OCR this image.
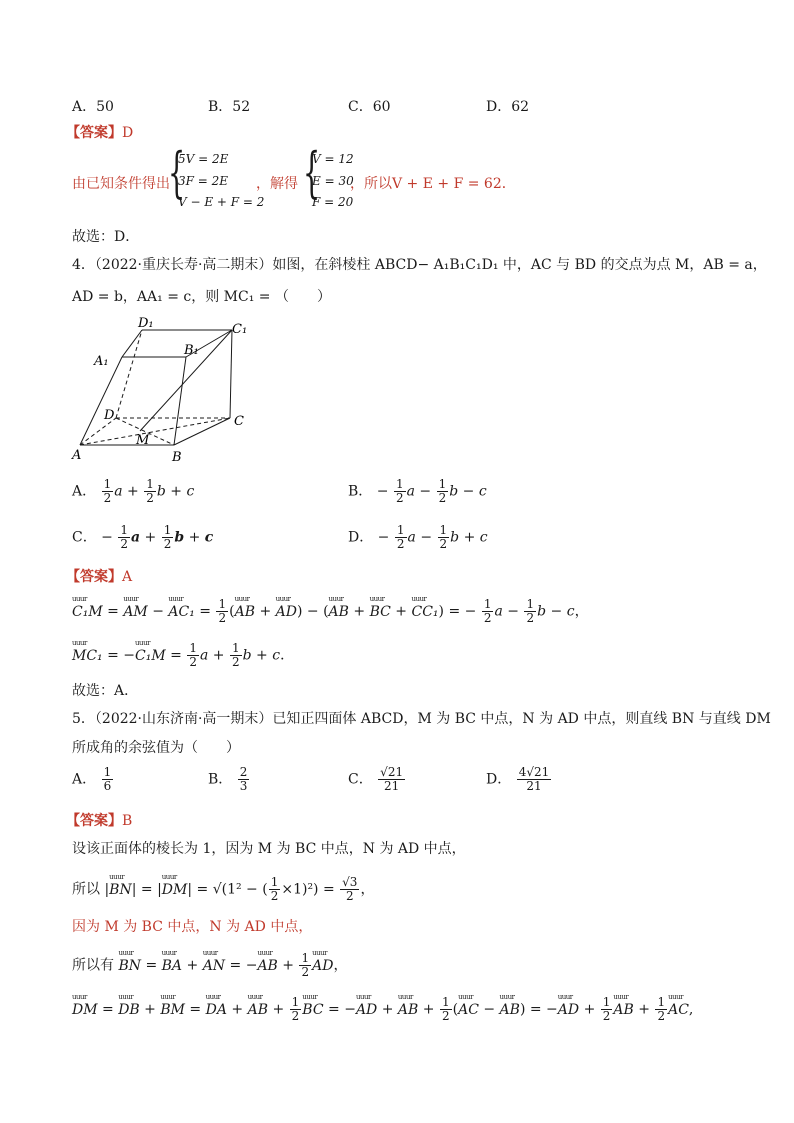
A．50	B．52	C．60	D．62
【答案】D
由已知条件得出
{
5V = 2E
3F = 2E
V − E + F = 2
，解得 {
V = 12
E = 30
F = 20
，所以V + E + F = 62．
故选：D．
4．（2022·重庆长寿·高二期末）如图，在斜棱柱 ABCD− A₁B₁C₁D₁ 中，AC 与 BD 的交点为点 M，AB = a，
AD = b，AA₁ = c，则 MC₁ = （　　）
A	B
C
D
M
A₁
B₁
C₁
D₁
A． $\frac{1}{2}$ $a + \frac{1}{2}$ b + c	B． − $\frac{1}{2}$ $a - \frac{1}{2}$ b − c
C． − $\frac{1}{2}$ $a + \frac{1}{2}$ b + c	D． − $\frac{1}{2}$ $a - \frac{1}{2}$ b + c
【答案】A
uuur C₁M = uuur AM − uuur $AC_1 = \frac{1}{2}$ (uuur AB + uuur AD) − (uuur AB + uuur BC + uuur CC₁) = − $\frac{1}{2}$ $a - \frac{1}{2}$ b − c，
uuur MC₁ = −uuur $C_1M = \frac{1}{2}$ $a + \frac{1}{2}$ b + c．
故选：A．
5．（2022·山东济南·高一期末）已知正四面体 ABCD，M 为 BC 中点，N 为 AD 中点，则直线 BN 与直线 DM
所成角的余弦值为（　　）
A． $\frac{1}{6}$	B． $\frac{2}{3}$	C． $\frac{√21}{21}$	D． $\frac{4√21}{21}$
【答案】B
设该正面体的棱长为 1，因为 M 为 BC 中点，N 为 AD 中点，
所以 |uuur BN| = |uuur DM| = √(1² − ( $\frac{1}{2} \times 1)^2) = \frac{√3}{2}$ ，
因为 M 为 BC 中点，N 为 AD 中点，
所以有 uuur BN = uuur BA + uuur AN = −uuur AB + $\frac{1}{2}$ uuur AD，
uuur DM = uuur DB + uuur BM = uuur DA + uuur AB + $\frac{1}{2}$ uuur BC = −uuur AD + uuur AB + $\frac{1}{2}$ (uuur AC − uuur AB) = −uuur AD + $\frac{1}{2}$ uuur AB + $\frac{1}{2}$ uuur AC,
